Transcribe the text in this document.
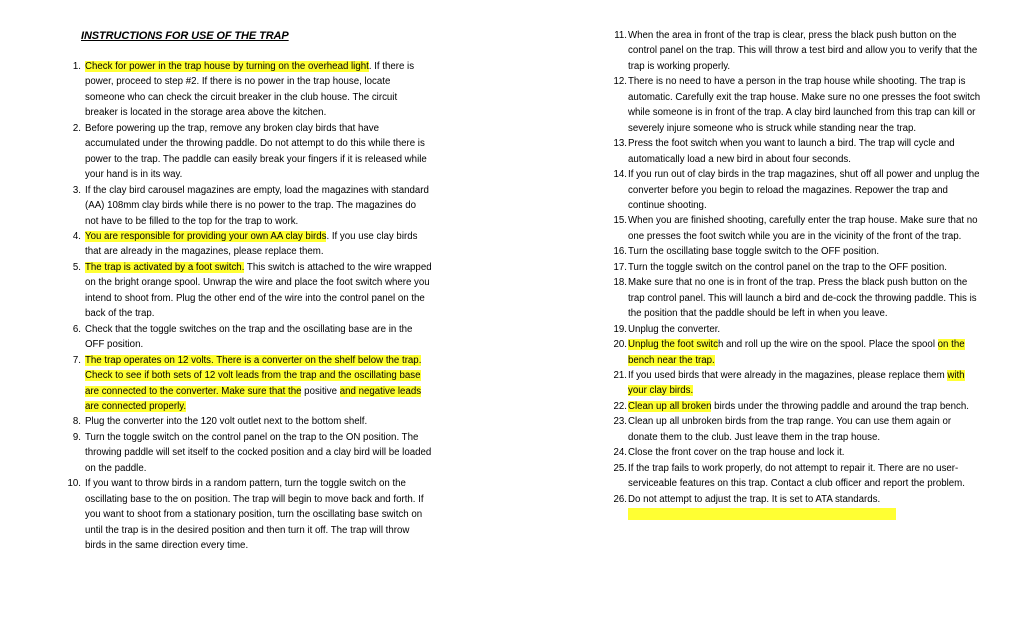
INSTRUCTIONS FOR USE OF THE TRAP
1. Check for power in the trap house by turning on the overhead light. If there is power, proceed to step #2. If there is no power in the trap house, locate someone who can check the circuit breaker in the club house. The circuit breaker is located in the storage area above the kitchen.
2. Before powering up the trap, remove any broken clay birds that have accumulated under the throwing paddle. Do not attempt to do this while there is power to the trap. The paddle can easily break your fingers if it is released while your hand is in its way.
3. If the clay bird carousel magazines are empty, load the magazines with standard (AA) 108mm clay birds while there is no power to the trap. The magazines do not have to be filled to the top for the trap to work.
4. You are responsible for providing your own AA clay birds. If you use clay birds that are already in the magazines, please replace them.
5. The trap is activated by a foot switch. This switch is attached to the wire wrapped on the bright orange spool. Unwrap the wire and place the foot switch where you intend to shoot from. Plug the other end of the wire into the control panel on the back of the trap.
6. Check that the toggle switches on the trap and the oscillating base are in the OFF position.
7. The trap operates on 12 volts. There is a converter on the shelf below the trap. Check to see if both sets of 12 volt leads from the trap and the oscillating base are connected to the converter. Make sure that the positive and negative leads are connected properly.
8. Plug the converter into the 120 volt outlet next to the bottom shelf.
9. Turn the toggle switch on the control panel on the trap to the ON position. The throwing paddle will set itself to the cocked position and a clay bird will be loaded on the paddle.
10. If you want to throw birds in a random pattern, turn the toggle switch on the oscillating base to the on position. The trap will begin to move back and forth. If you want to shoot from a stationary position, turn the oscillating base switch on until the trap is in the desired position and then turn it off. The trap will throw birds in the same direction every time.
11. When the area in front of the trap is clear, press the black push button on the control panel on the trap. This will throw a test bird and allow you to verify that the trap is working properly.
12. There is no need to have a person in the trap house while shooting. The trap is automatic. Carefully exit the trap house. Make sure no one presses the foot switch while someone is in front of the trap. A clay bird launched from this trap can kill or severely injure someone who is struck while standing near the trap.
13. Press the foot switch when you want to launch a bird. The trap will cycle and automatically load a new bird in about four seconds.
14. If you run out of clay birds in the trap magazines, shut off all power and unplug the converter before you begin to reload the magazines. Repower the trap and continue shooting.
15. When you are finished shooting, carefully enter the trap house. Make sure that no one presses the foot switch while you are in the vicinity of the front of the trap.
16. Turn the oscillating base toggle switch to the OFF position.
17. Turn the toggle switch on the control panel on the trap to the OFF position.
18. Make sure that no one is in front of the trap. Press the black push button on the trap control panel. This will launch a bird and de-cock the throwing paddle. This is the position that the paddle should be left in when you leave.
19. Unplug the converter.
20. Unplug the foot switch and roll up the wire on the spool. Place the spool on the bench near the trap.
21. If you used birds that were already in the magazines, please replace them with your clay birds.
22. Clean up all broken birds under the throwing paddle and around the trap bench.
23. Clean up all unbroken birds from the trap range. You can use them again or donate them to the club. Just leave them in the trap house.
24. Close the front cover on the trap house and lock it.
25. If the trap fails to work properly, do not attempt to repair it. There are no user-serviceable features on this trap. Contact a club officer and report the problem.
26. Do not attempt to adjust the trap. It is set to ATA standards.
